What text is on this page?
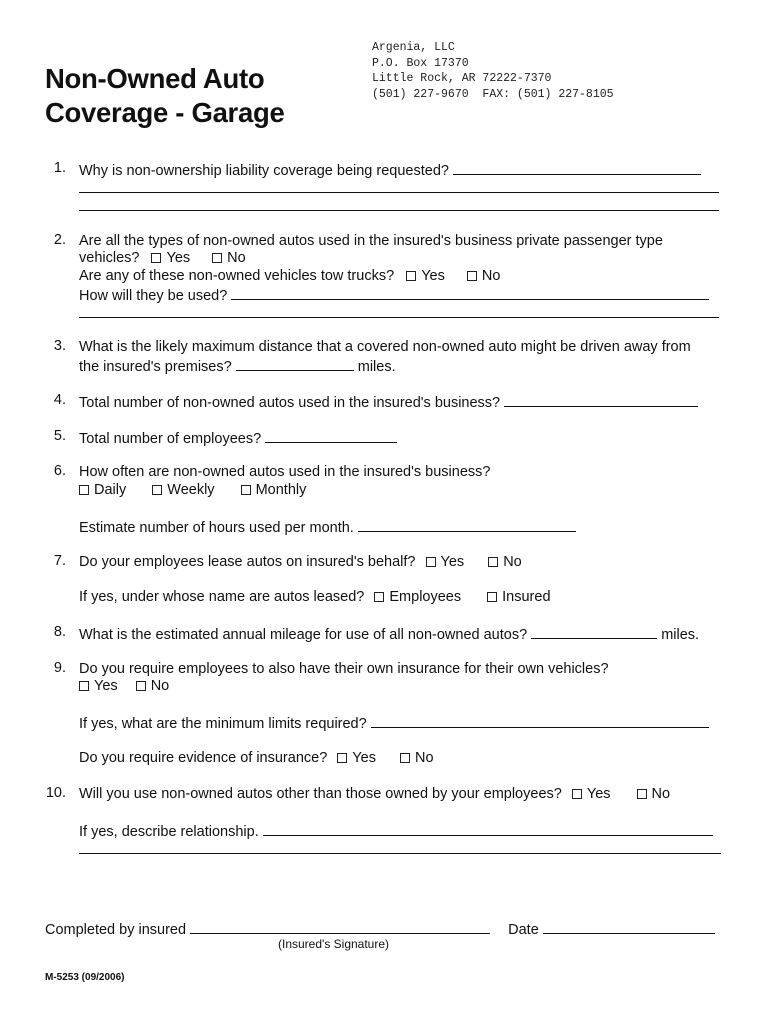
Non-Owned Auto
Coverage - Garage
Argenia, LLC
P.O. Box 17370
Little Rock, AR 72222-7370
(501) 227-9670  FAX: (501) 227-8105
1. Why is non-ownership liability coverage being requested?
2. Are all the types of non-owned autos used in the insured's business private passenger type
vehicles? Yes	No
Are any of these non-owned vehicles tow trucks? Yes	No
How will they be used?
3. What is the likely maximum distance that a covered non-owned auto might be driven away from
the insured's premises?	miles.
4. Total number of non-owned autos used in the insured's business?
5. Total number of employees?
6. How often are non-owned autos used in the insured's business?
Daily	Weekly	Monthly
Estimate number of hours used per month.
7. Do your employees lease autos on insured's behalf? Yes	No
If yes, under whose name are autos leased? Employees	Insured
8. What is the estimated annual mileage for use of all non-owned autos?	miles.
9. Do you require employees to also have their own insurance for their own vehicles?
Yes No
If yes, what are the minimum limits required?
Do you require evidence of insurance? Yes	No
10. Will you use non-owned autos other than those owned by your employees? Yes	No
If yes, describe relationship.
Completed by insured	Date
(Insured's Signature)
M-5253 (09/2006)
